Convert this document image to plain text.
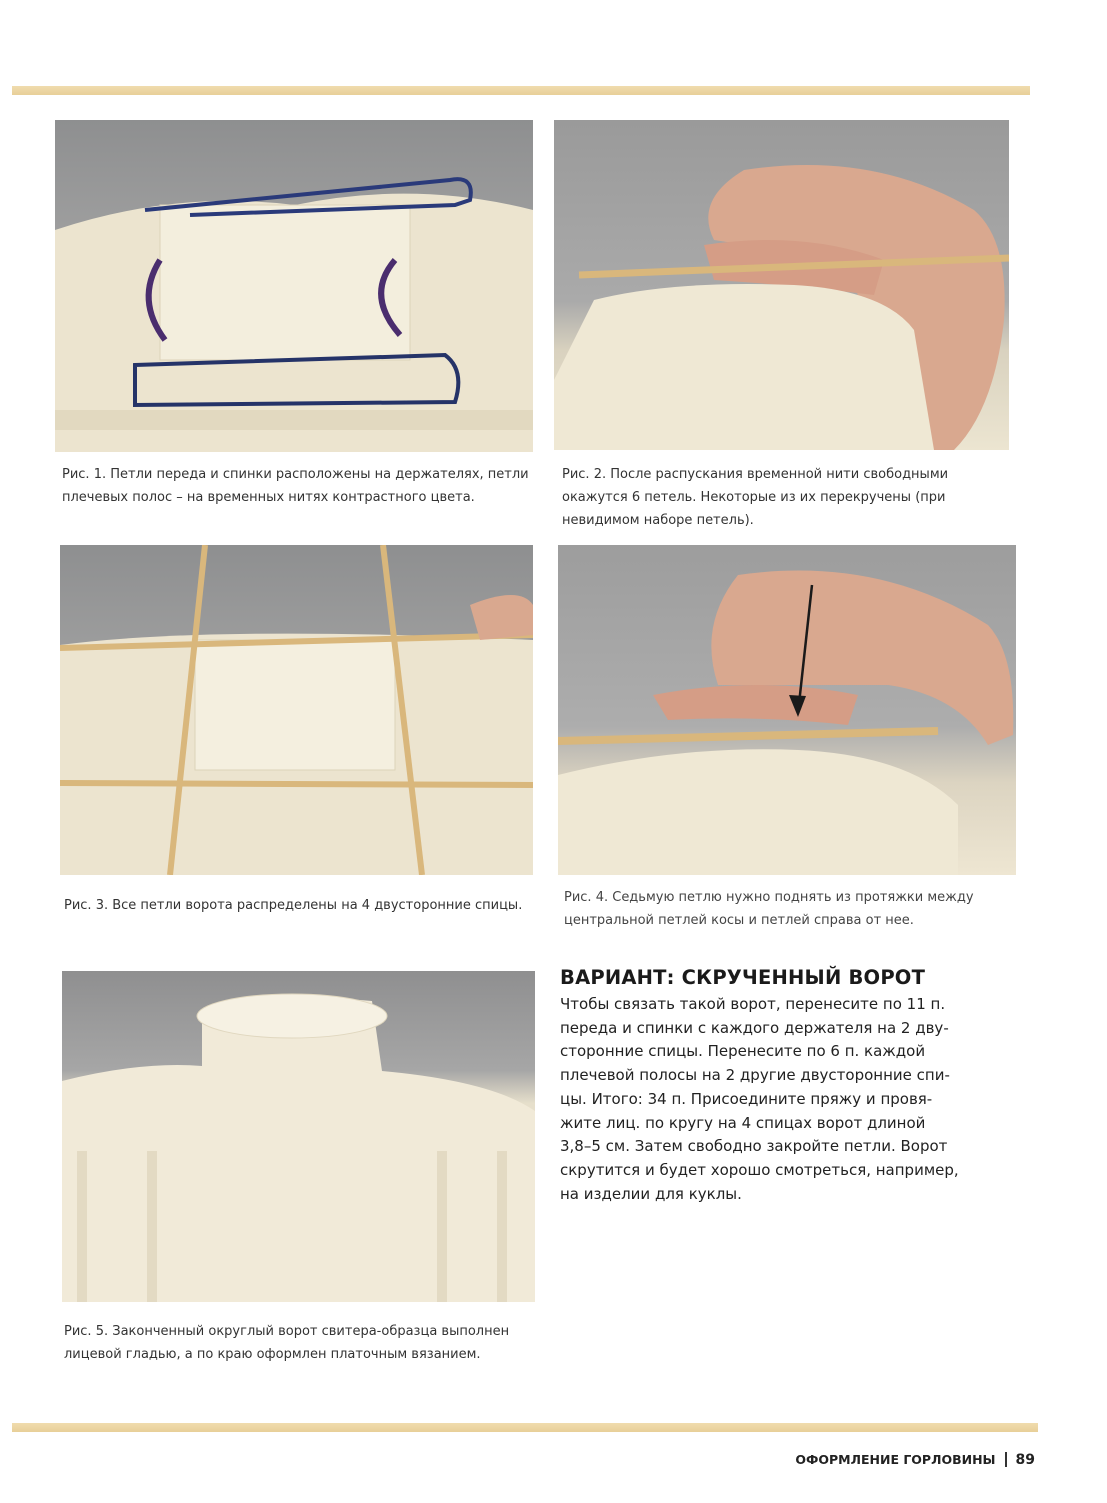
Рис. 1. Петли переда и спинки расположены на держателях, петли плечевых полос – на временных нитях контрастного цвета.

Рис. 2. После распускания временной нити свободными окажутся 6 петель. Некоторые из их перекручены (при невидимом наборе петель).

Рис. 3. Все петли ворота распределены на 4 двусторонние спицы.

Рис. 4. Седьмую петлю нужно поднять из протяжки между центральной петлей косы и петлей справа от нее.

Рис. 5. Законченный округлый ворот свитера-образца выполнен лицевой гладью, а по краю оформлен платочным вязанием.

ВАРИАНТ: СКРУЧЕННЫЙ ВОРОТ
Чтобы связать такой ворот, перенесите по 11 п.
переда и спинки с каждого держателя на 2 дву-
сторонние спицы. Перенесите по 6 п. каждой
плечевой полосы на 2 другие двусторонние спи-
цы. Итого: 34 п. Присоедините пряжу и провя-
жите лиц. по кругу на 4 спицах ворот длиной
3,8–5 см. Затем свободно закройте петли. Ворот
скрутится и будет хорошо смотреться, например,
на изделии для куклы.
ОФОРМЛЕНИЕ ГОРЛОВИНЫ 89
